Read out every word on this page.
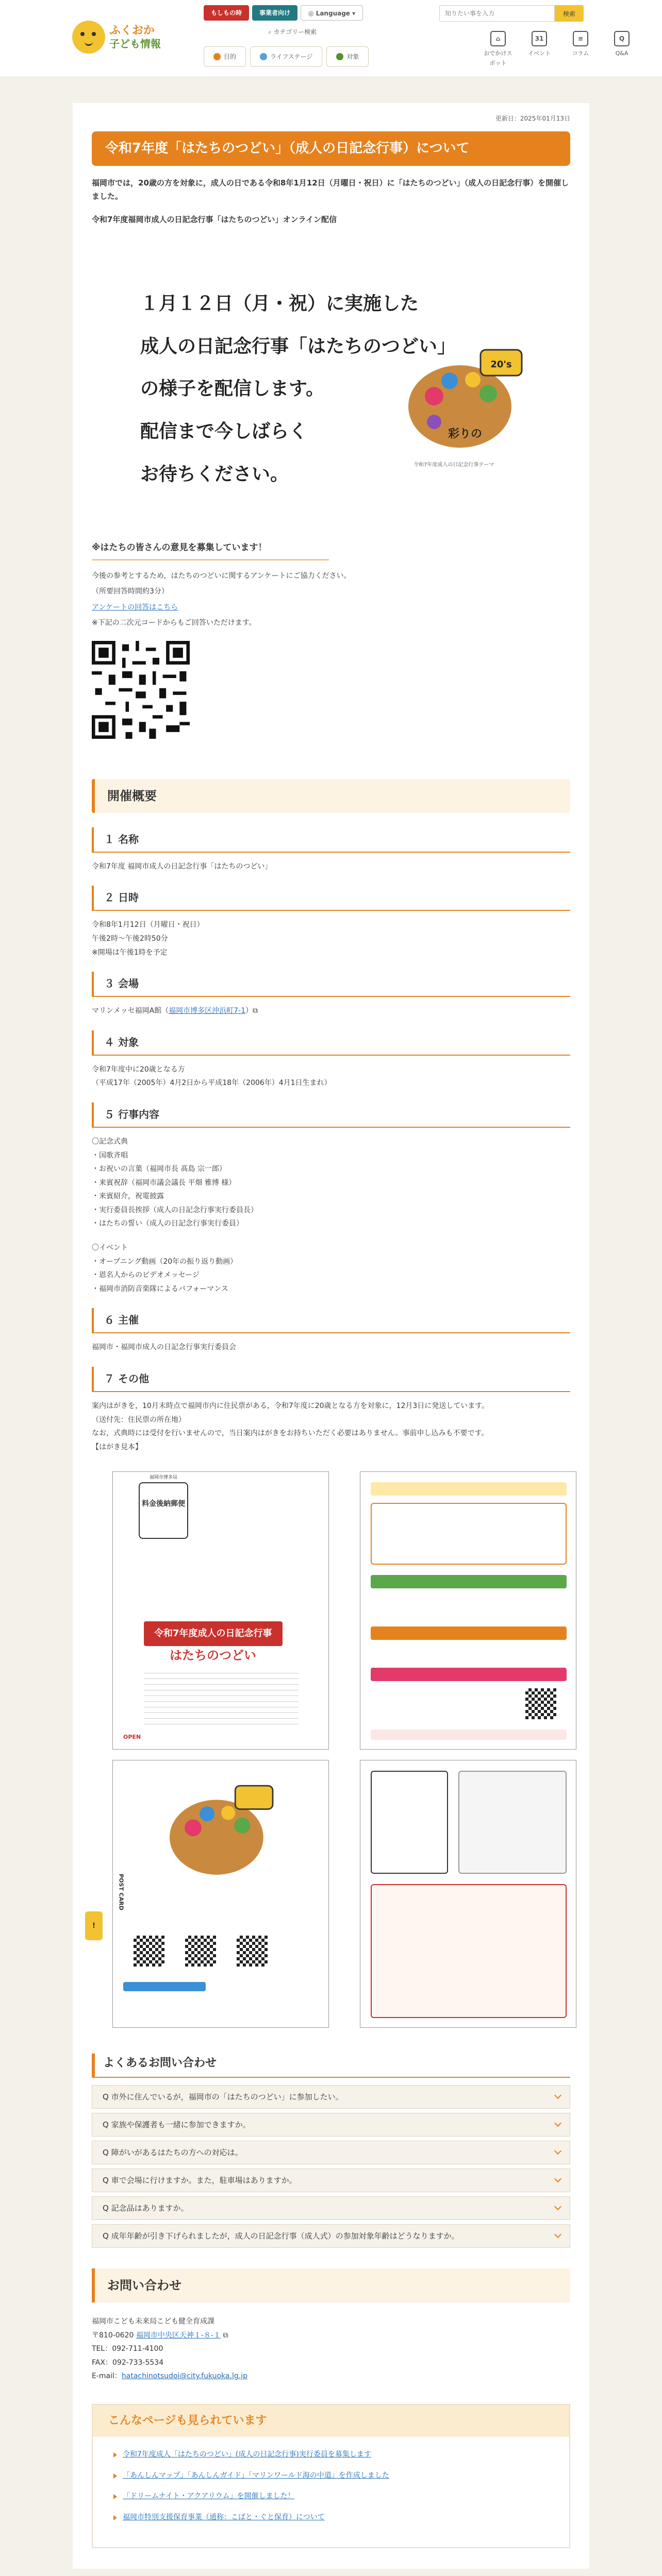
ふくおか
子ども情報
もしもの時	事業者向け	◎ Language ▾
⌕ カテゴリー検索
目的	ライフステージ	対象
知りたい事を入力
検索
⌂
おでかけスポット
31
イベント
≡
コラム
Q
Q&A
更新日：2025年01月13日
令和7年度「はたちのつどい」（成人の日記念行事）について

福岡市では，20歳の方を対象に，成人の日である令和8年1月12日（月曜日・祝日）に「はたちのつどい」（成人の日記念行事）を開催しました。

令和7年度福岡市成人の日記念行事「はたちのつどい」オンライン配信

１月１２日（月・祝）に実施した
成人の日記念行事「はたちのつどい」
の様子を配信します。
配信まで今しばらく
お待ちください。
20's
彩りの
令和7年度成人の日記念行事テーマ
※はたちの皆さんの意見を募集しています！

今後の参考とするため，はたちのつどいに関するアンケートにご協力ください。

（所要回答時間約3分）

アンケートの回答はこちら

※下記の二次元コードからもご回答いただけます。

開催概要
１ 名称
令和7年度 福岡市成人の日記念行事「はたちのつどい」
２ 日時
令和8年1月12日（月曜日・祝日）
午後2時～午後2時50分
※開場は午後1時を予定
３ 会場
マリンメッセ福岡A館（福岡市博多区沖浜町7-1）⧉
４ 対象
令和7年度中に20歳となる方
（平成17年（2005年）4月2日から平成18年（2006年）4月1日生まれ）
５ 行事内容
〇記念式典
・国歌斉唱
・お祝いの言葉（福岡市長 髙島 宗一郎）
・来賓祝辞（福岡市議会議長 平畑 雅博 様）
・来賓紹介，祝電披露
・実行委員長挨拶（成人の日記念行事実行委員長）
・はたちの誓い（成人の日記念行事実行委員）
〇イベント
・オープニング動画（20年の振り返り動画）
・恩名人からのビデオメッセージ
・福岡市消防音楽隊によるパフォーマンス
６ 主催
福岡市・福岡市成人の日記念行事実行委員会
７ その他
案内はがきを，10月末時点で福岡市内に住民票がある，令和7年度に20歳となる方を対象に，12月3日に発送しています。
（送付先：住民票の所在地）
なお，式典時には受付を行いませんので，当日案内はがきをお持ちいただく必要はありません。事前申し込みも不要です。
【はがき見本】
福岡市博多局
料金後納郵便
令和7年度成人の日記念行事
はたちのつどい
OPEN
POST CARD
よくあるお問い合わせ
Q 市外に住んでいるが，福岡市の「はたちのつどい」に参加したい。
Q 家族や保護者も一緒に参加できますか。
Q 障がいがあるはたちの方への対応は。
Q 車で会場に行けますか。また，駐車場はありますか。
Q 記念品はありますか。
Q 成年年齢が引き下げられましたが，成人の日記念行事（成人式）の参加対象年齢はどうなりますか。
お問い合わせ
福岡市こども未来局こども健全育成課
〒810-0620 福岡市中央区天神１-８-１ ⧉
TEL：092-711-4100
FAX：092-733-5534
E-mail：hatachinotsudoi@city.fukuoka.lg.jp
こんなページも見られています
令和7年度成人「はたちのつどい」(成人の日記念行事)実行委員を募集します
「あんしんマップ」「あんしんガイド」「マリンワールド海の中道」を作成しました
「ドリームナイト・アクアリウム」を開催しました！
福岡市特別支援保育事業（通称：こばと・ぐと保育）について
!
